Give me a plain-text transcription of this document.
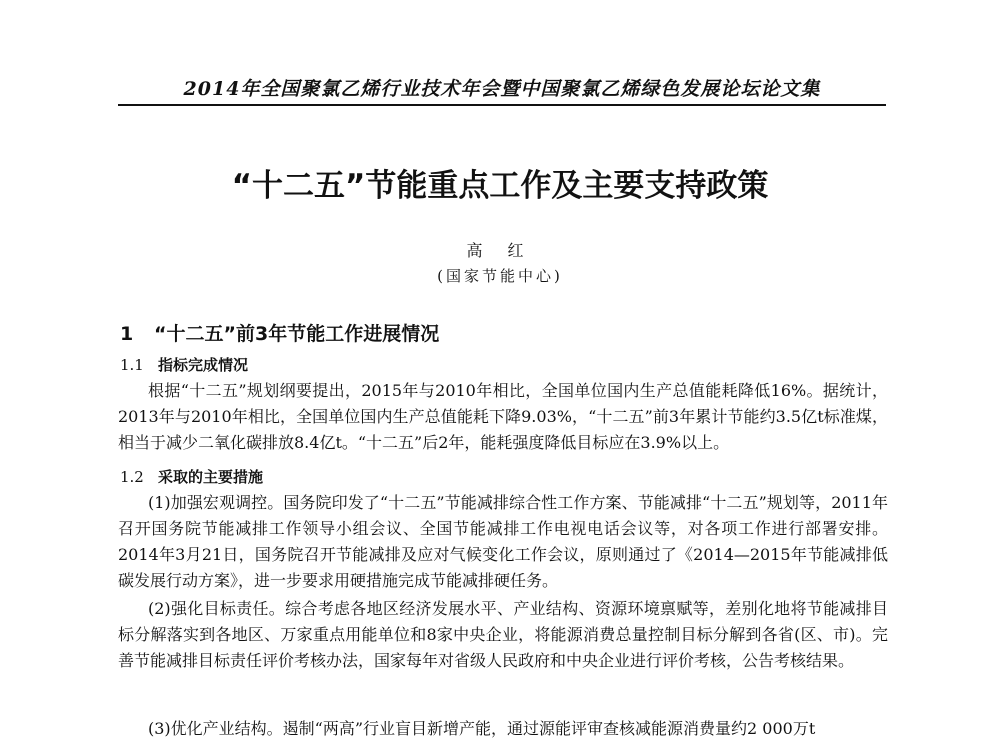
2014年全国聚氯乙烯行业技术年会暨中国聚氯乙烯绿色发展论坛论文集
“十二五”节能重点工作及主要支持政策
高 红
(国家节能中心)
1 “十二五”前3年节能工作进展情况
1.1 指标完成情况
根据“十二五”规划纲要提出，2015年与2010年相比，全国单位国内生产总值能耗降低16%。据统计，2013年与2010年相比，全国单位国内生产总值能耗下降9.03%，“十二五”前3年累计节能约3.5亿t标准煤，相当于减少二氧化碳排放8.4亿t。“十二五”后2年，能耗强度降低目标应在3.9%以上。
1.2 采取的主要措施
(1)加强宏观调控。国务院印发了“十二五”节能减排综合性工作方案、节能减排“十二五”规划等，2011年召开国务院节能减排工作领导小组会议、全国节能减排工作电视电话会议等，对各项工作进行部署安排。2014年3月21日，国务院召开节能减排及应对气候变化工作会议，原则通过了《2014—2015年节能减排低碳发展行动方案》，进一步要求用硬措施完成节能减排硬任务。
(2)强化目标责任。综合考虑各地区经济发展水平、产业结构、资源环境禀赋等，差别化地将节能减排目标分解落实到各地区、万家重点用能单位和8家中央企业，将能源消费总量控制目标分解到各省(区、市)。完善节能减排目标责任评价考核办法，国家每年对省级人民政府和中央企业进行评价考核，公告考核结果。
(3)优化产业结构。遏制“两高”行业盲目新增产能，通过源能评审查核减能源消费量约2 000万t
